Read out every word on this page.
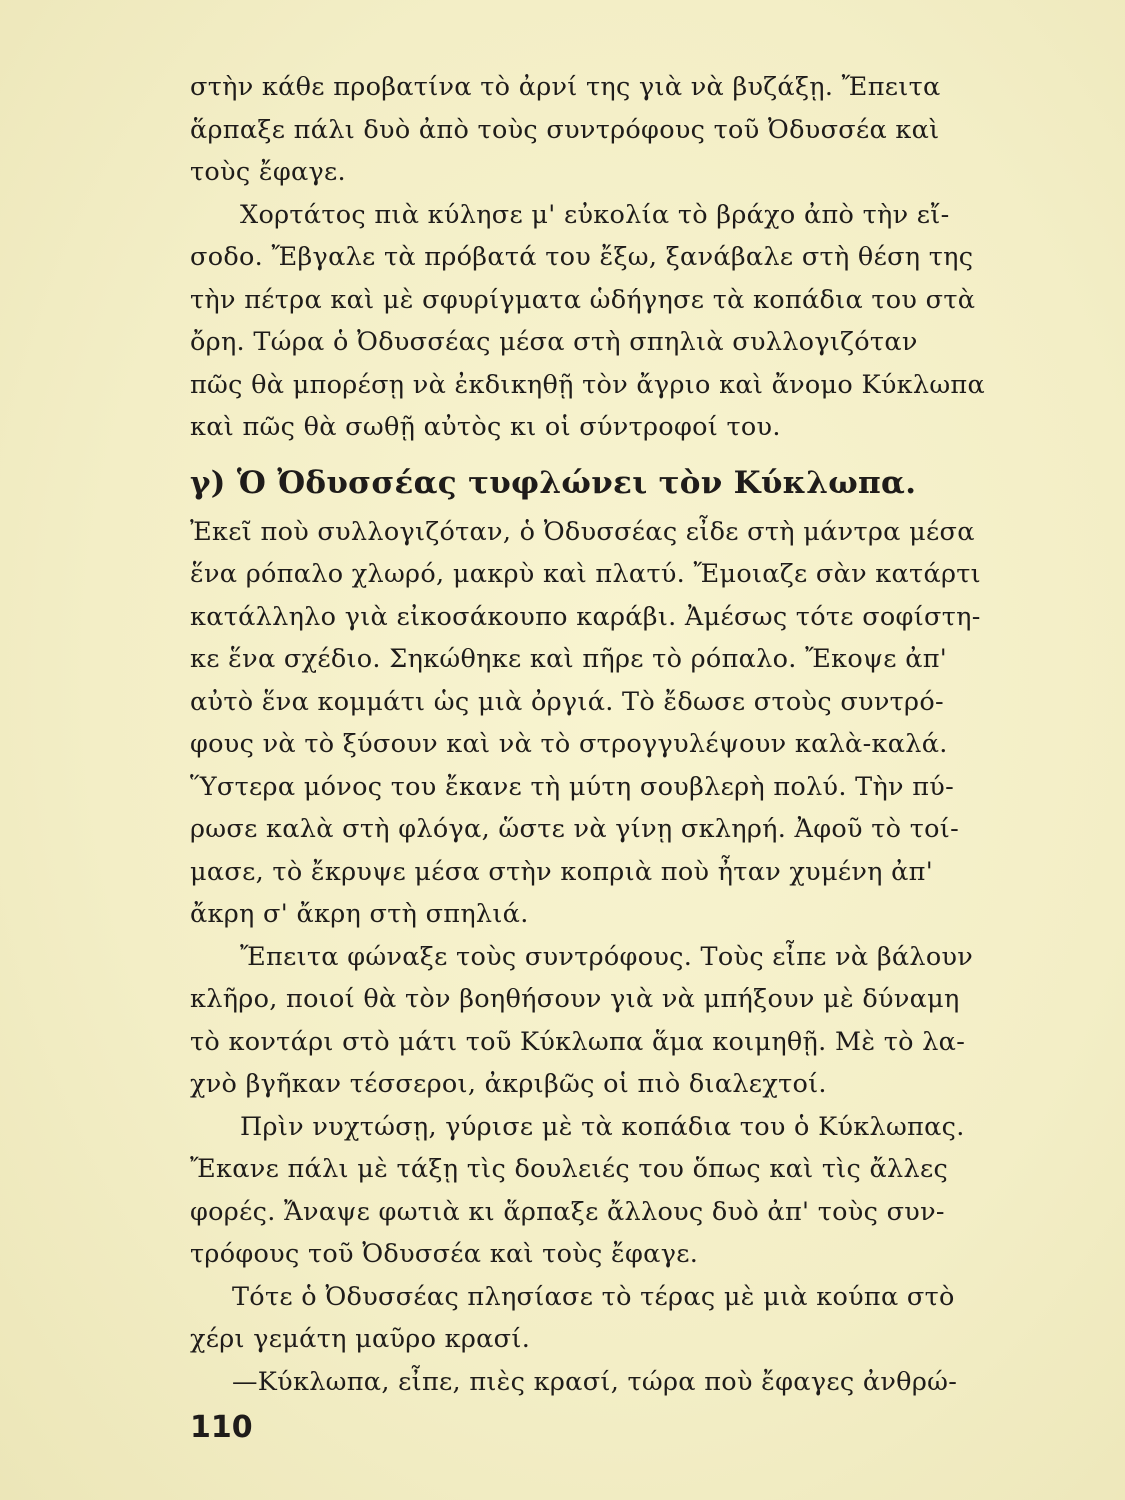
στὴν κάθε προβατίνα τὸ ἀρνί της γιὰ νὰ βυζάξῃ. Ἔπειτα
ἅρπαξε πάλι δυὸ ἀπὸ τοὺς συντρόφους τοῦ Ὀδυσσέα καὶ
τοὺς ἔφαγε.
Χορτάτος πιὰ κύλησε μ' εὐκολία τὸ βράχο ἀπὸ τὴν εἴ-
σοδο. Ἔβγαλε τὰ πρόβατά του ἔξω, ξανάβαλε στὴ θέση της
τὴν πέτρα καὶ μὲ σφυρίγματα ὡδήγησε τὰ κοπάδια του στὰ
ὄρη. Τώρα ὁ Ὀδυσσέας μέσα στὴ σπηλιὰ συλλογιζόταν
πῶς θὰ μπορέσῃ νὰ ἐκδικηθῇ τὸν ἄγριο καὶ ἄνομο Κύκλωπα
καὶ πῶς θὰ σωθῇ αὐτὸς κι οἱ σύντροφοί του.
γ) Ὁ Ὀδυσσέας τυφλώνει τὸν Κύκλωπα.
Ἐκεῖ ποὺ συλλογιζόταν, ὁ Ὀδυσσέας εἶδε στὴ μάντρα μέσα
ἕνα ρόπαλο χλωρό, μακρὺ καὶ πλατύ. Ἔμοιαζε σὰν κατάρτι
κατάλληλο γιὰ εἰκοσάκουπο καράβι. Ἀμέσως τότε σοφίστη-
κε ἕνα σχέδιο. Σηκώθηκε καὶ πῆρε τὸ ρόπαλο. Ἔκοψε ἀπ'
αὐτὸ ἕνα κομμάτι ὡς μιὰ ὀργιά. Τὸ ἔδωσε στοὺς συντρό-
φους νὰ τὸ ξύσουν καὶ νὰ τὸ στρογγυλέψουν καλὰ-καλά.
Ὕστερα μόνος του ἔκανε τὴ μύτη σουβλερὴ πολύ. Τὴν πύ-
ρωσε καλὰ στὴ φλόγα, ὥστε νὰ γίνῃ σκληρή. Ἀφοῦ τὸ τοί-
μασε, τὸ ἔκρυψε μέσα στὴν κοπριὰ ποὺ ἦταν χυμένη ἀπ'
ἄκρη σ' ἄκρη στὴ σπηλιά.
Ἔπειτα φώναξε τοὺς συντρόφους. Τοὺς εἶπε νὰ βάλουν
κλῆρο, ποιοί θὰ τὸν βοηθήσουν γιὰ νὰ μπήξουν μὲ δύναμη
τὸ κοντάρι στὸ μάτι τοῦ Κύκλωπα ἅμα κοιμηθῇ. Μὲ τὸ λα-
χνὸ βγῆκαν τέσσεροι, ἀκριβῶς οἱ πιὸ διαλεχτοί.
Πρὶν νυχτώσῃ, γύρισε μὲ τὰ κοπάδια του ὁ Κύκλωπας.
Ἔκανε πάλι μὲ τάξῃ τὶς δουλειές του ὅπως καὶ τὶς ἄλλες
φορές. Ἄναψε φωτιὰ κι ἅρπαξε ἄλλους δυὸ ἀπ' τοὺς συν-
τρόφους τοῦ Ὀδυσσέα καὶ τοὺς ἔφαγε.
Τότε ὁ Ὀδυσσέας πλησίασε τὸ τέρας μὲ μιὰ κούπα στὸ
χέρι γεμάτη μαῦρο κρασί.
—Κύκλωπα, εἶπε, πιὲς κρασί, τώρα ποὺ ἔφαγες ἀνθρώ-
110
